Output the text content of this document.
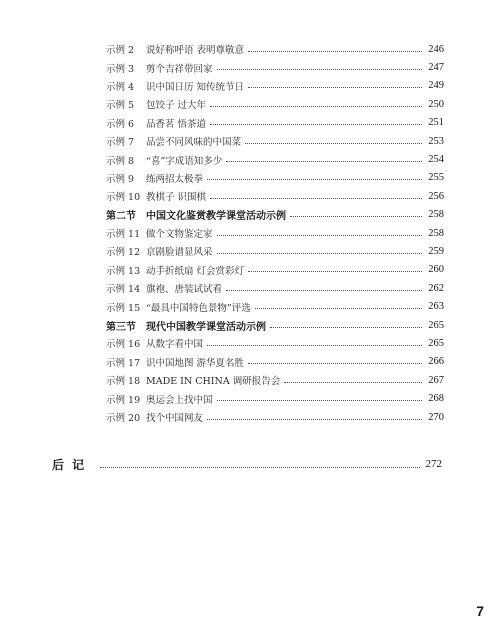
示例 2	说好称呼语 表明尊敬意	246
示例 3	剪个吉祥带回家	247
示例 4	识中国日历 知传统节日	249
示例 5	包饺子 过大年	250
示例 6	品香茗 悟茶道	251
示例 7	品尝不同风味的中国菜	253
示例 8	“喜”字成语知多少	254
示例 9	练两招太极拳	255
示例 10 教棋子 识围棋	256
第二节	中国文化鉴赏教学课堂活动示例	258
示例 11 做个文物鉴定家	258
示例 12 京剧脸谱显风采	259
示例 13 动手折纸扇 灯会赏彩灯	260
示例 14 旗袍、唐装试试看	262
示例 15 “最具中国特色景物”评选	263
第三节	现代中国教学课堂活动示例	265
示例 16 从数字看中国	265
示例 17 识中国地图 游华夏名胜	266
示例 18 MADE IN CHINA 调研报告会	267
示例 19 奥运会上找中国	268
示例 20 找个中国网友	270
后 记	272
7
